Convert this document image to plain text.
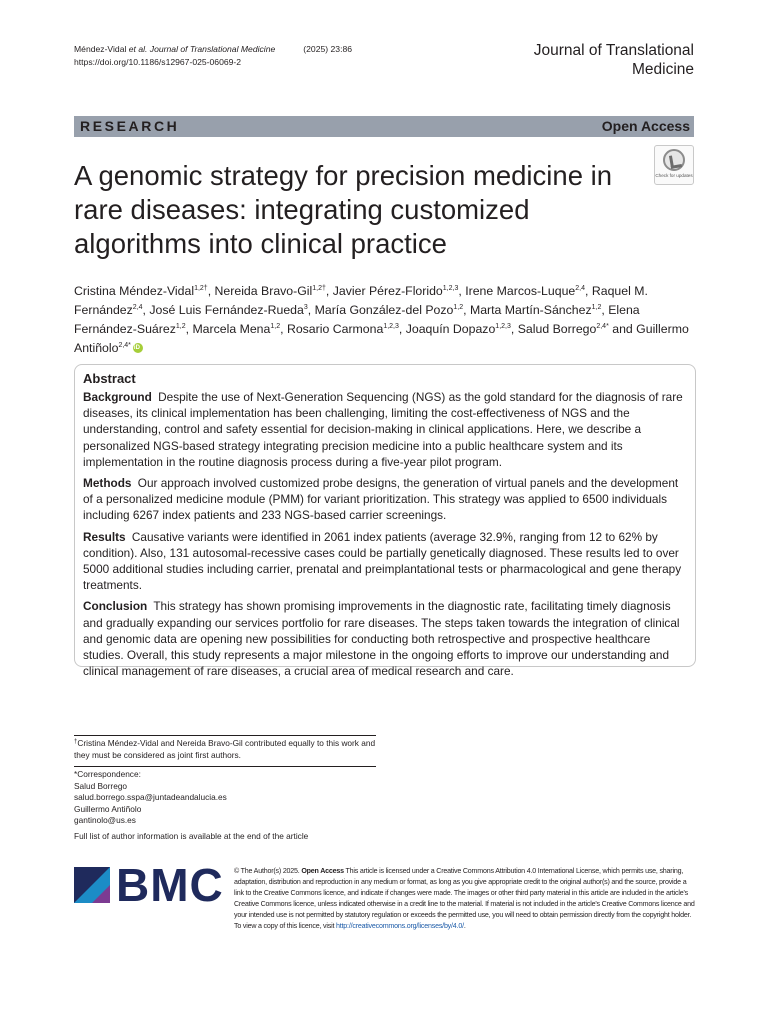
Méndez-Vidal et al. Journal of Translational Medicine	(2025) 23:86
https://doi.org/10.1186/s12967-025-06069-2
Journal of Translational Medicine
RESEARCH	Open Access
Check for updates
A genomic strategy for precision medicine in rare diseases: integrating customized algorithms into clinical practice
Cristina Méndez-Vidal$^{1,2\dagger}$, Nereida Bravo-Gil$^{1,2\dagger}$, Javier Pérez-Florido$^{1,2,3}$, Irene Marcos-Luque$^{2,4}$, Raquel M. Fernández$^{2,4}$, José Luis Fernández-Rueda$^3$, María González-del Pozo$^{1,2}$, Marta Martín-Sánchez$^{1,2}$, Elena Fernández-Suárez$^{1,2}$, Marcela Mena$^{1,2}$, Rosario Carmona$^{1,2,3}$, Joaquín Dopazo$^{1,2,3}$, Salud Borrego$^{2,4*}$ and Guillermo Antiñolo$^{2,4*}$iD
Abstract

Background Despite the use of Next-Generation Sequencing (NGS) as the gold standard for the diagnosis of rare diseases, its clinical implementation has been challenging, limiting the cost-effectiveness of NGS and the understanding, control and safety essential for decision-making in clinical applications. Here, we describe a personalized NGS-based strategy integrating precision medicine into a public healthcare system and its implementation in the routine diagnosis process during a five-year pilot program.

Methods Our approach involved customized probe designs, the generation of virtual panels and the development of a personalized medicine module (PMM) for variant prioritization. This strategy was applied to 6500 individuals including 6267 index patients and 233 NGS-based carrier screenings.

Results Causative variants were identified in 2061 index patients (average 32.9%, ranging from 12 to 62% by condition). Also, 131 autosomal-recessive cases could be partially genetically diagnosed. These results led to over 5000 additional studies including carrier, prenatal and preimplantational tests or pharmacological and gene therapy treatments.

Conclusion This strategy has shown promising improvements in the diagnostic rate, facilitating timely diagnosis and gradually expanding our services portfolio for rare diseases. The steps taken towards the integration of clinical and genomic data are opening new possibilities for conducting both retrospective and prospective healthcare studies. Overall, this study represents a major milestone in the ongoing efforts to improve our understanding and clinical management of rare diseases, a crucial area of medical research and care.

†Cristina Méndez-Vidal and Nereida Bravo-Gil contributed equally to this work and they must be considered as joint first authors.
*Correspondence:
Salud Borrego
salud.borrego.sspa@juntadeandalucia.es
Guillermo Antiñolo
gantinolo@us.es
Full list of author information is available at the end of the article
BMC © The Author(s) 2025. Open Access This article is licensed under a Creative Commons Attribution 4.0 International License, which permits use, sharing, adaptation, distribution and reproduction in any medium or format, as long as you give appropriate credit to the original author(s) and the source, provide a link to the Creative Commons licence, and indicate if changes were made. The images or other third party material in this article are included in the article's Creative Commons licence, unless indicated otherwise in a credit line to the material. If material is not included in the article's Creative Commons licence and your intended use is not permitted by statutory regulation or exceeds the permitted use, you will need to obtain permission directly from the copyright holder. To view a copy of this licence, visit http://creativecommons.org/licenses/by/4.0/.
